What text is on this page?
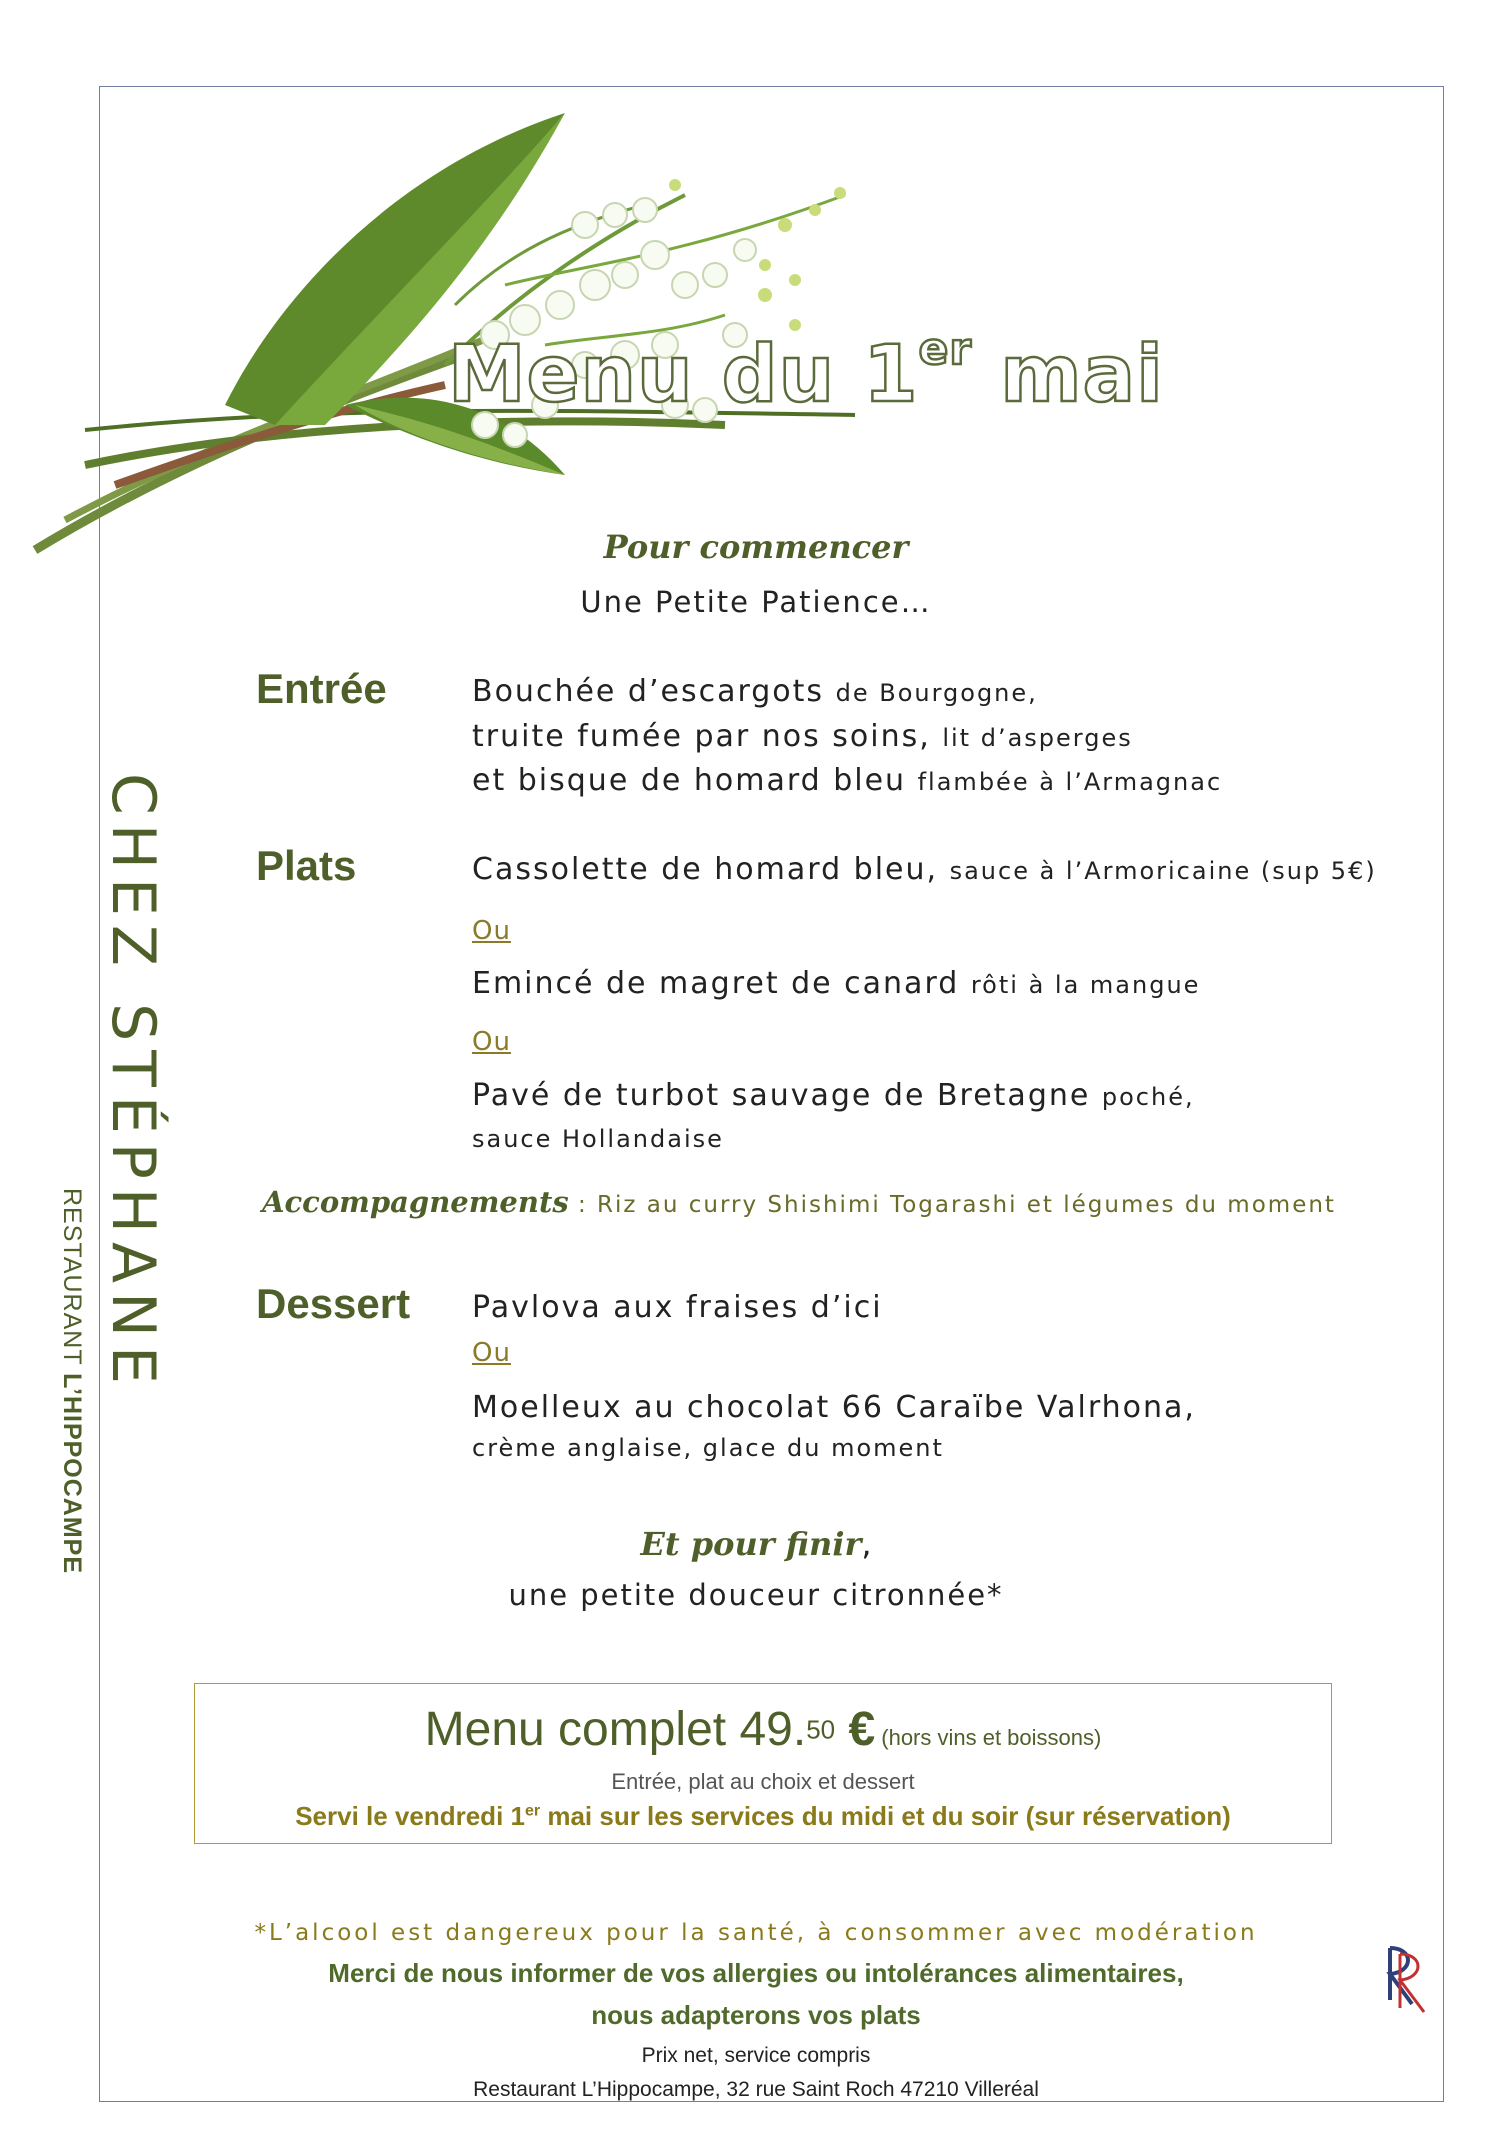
Menu du 1er mai
CHEZ STÉPHANE
RESTAURANT L’HIPPOCAMPE
Pour commencer
Une Petite Patience…
Entrée	Bouchée d’escargots de Bourgogne,
truite fumée par nos soins, lit d’asperges
et bisque de homard bleu flambée à l’Armagnac
Plats	Cassolette de homard bleu, sauce à l’Armoricaine (sup 5€)
Ou
Emincé de magret de canard rôti à la mangue
Ou
Pavé de turbot sauvage de Bretagne poché,
sauce Hollandaise
Accompagnements : Riz au curry Shishimi Togarashi et légumes du moment
Dessert Pavlova aux fraises d’ici
Ou
Moelleux au chocolat 66 Caraïbe Valrhona,
crème anglaise, glace du moment
Et pour finir,
une petite douceur citronnée*
Menu complet 49.50 € (hors vins et boissons)
Entrée, plat au choix et dessert
Servi le vendredi 1er mai sur les services du midi et du soir (sur réservation)
*L’alcool est dangereux pour la santé, à consommer avec modération
Merci de nous informer de vos allergies ou intolérances alimentaires,
nous adapterons vos plats
Prix net, service compris
Restaurant L’Hippocampe, 32 rue Saint Roch 47210 Villeréal
